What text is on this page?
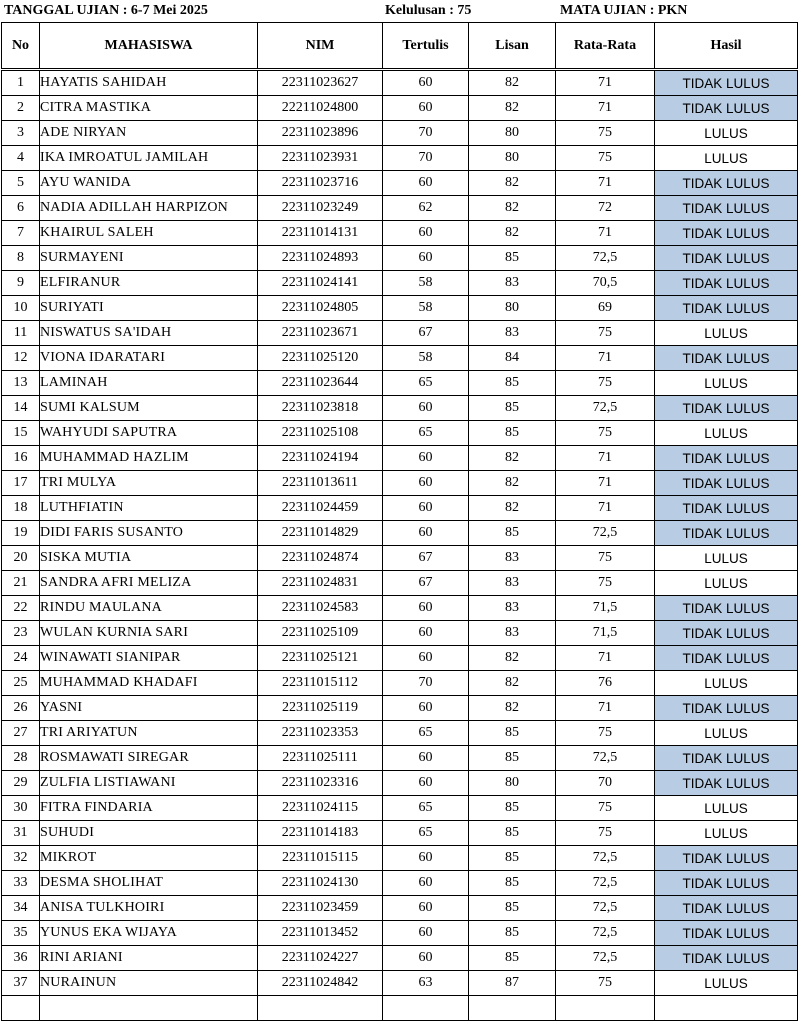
TANGGAL UJIAN : 6-7 Mei 2025	Kelulusan : 75	MATA UJIAN : PKN
No	MAHASISWA	NIM	Tertulis	Lisan	Rata-Rata	Hasil
1	HAYATIS SAHIDAH	22311023627	60	82	71	TIDAK LULUS
2	CITRA MASTIKA	22211024800	60	82	71	TIDAK LULUS
3	ADE NIRYAN	22311023896	70	80	75	LULUS
4	IKA IMROATUL JAMILAH	22311023931	70	80	75	LULUS
5	AYU WANIDA	22311023716	60	82	71	TIDAK LULUS
6	NADIA ADILLAH HARPIZON	22311023249	62	82	72	TIDAK LULUS
7	KHAIRUL SALEH	22311014131	60	82	71	TIDAK LULUS
8	SURMAYENI	22311024893	60	85	72,5	TIDAK LULUS
9	ELFIRANUR	22311024141	58	83	70,5	TIDAK LULUS
10	SURIYATI	22311024805	58	80	69	TIDAK LULUS
11	NISWATUS SA'IDAH	22311023671	67	83	75	LULUS
12	VIONA IDARATARI	22311025120	58	84	71	TIDAK LULUS
13	LAMINAH	22311023644	65	85	75	LULUS
14	SUMI KALSUM	22311023818	60	85	72,5	TIDAK LULUS
15	WAHYUDI SAPUTRA	22311025108	65	85	75	LULUS
16	MUHAMMAD HAZLIM	22311024194	60	82	71	TIDAK LULUS
17	TRI MULYA	22311013611	60	82	71	TIDAK LULUS
18	LUTHFIATIN	22311024459	60	82	71	TIDAK LULUS
19	DIDI FARIS SUSANTO	22311014829	60	85	72,5	TIDAK LULUS
20	SISKA MUTIA	22311024874	67	83	75	LULUS
21	SANDRA AFRI MELIZA	22311024831	67	83	75	LULUS
22	RINDU MAULANA	22311024583	60	83	71,5	TIDAK LULUS
23	WULAN KURNIA SARI	22311025109	60	83	71,5	TIDAK LULUS
24	WINAWATI SIANIPAR	22311025121	60	82	71	TIDAK LULUS
25	MUHAMMAD KHADAFI	22311015112	70	82	76	LULUS
26	YASNI	22311025119	60	82	71	TIDAK LULUS
27	TRI ARIYATUN	22311023353	65	85	75	LULUS
28	ROSMAWATI SIREGAR	22311025111	60	85	72,5	TIDAK LULUS
29	ZULFIA LISTIAWANI	22311023316	60	80	70	TIDAK LULUS
30	FITRA FINDARIA	22311024115	65	85	75	LULUS
31	SUHUDI	22311014183	65	85	75	LULUS
32	MIKROT	22311015115	60	85	72,5	TIDAK LULUS
33	DESMA SHOLIHAT	22311024130	60	85	72,5	TIDAK LULUS
34	ANISA TULKHOIRI	22311023459	60	85	72,5	TIDAK LULUS
35	YUNUS EKA WIJAYA	22311013452	60	85	72,5	TIDAK LULUS
36	RINI ARIANI	22311024227	60	85	72,5	TIDAK LULUS
37	NURAINUN	22311024842	63	87	75	LULUS
